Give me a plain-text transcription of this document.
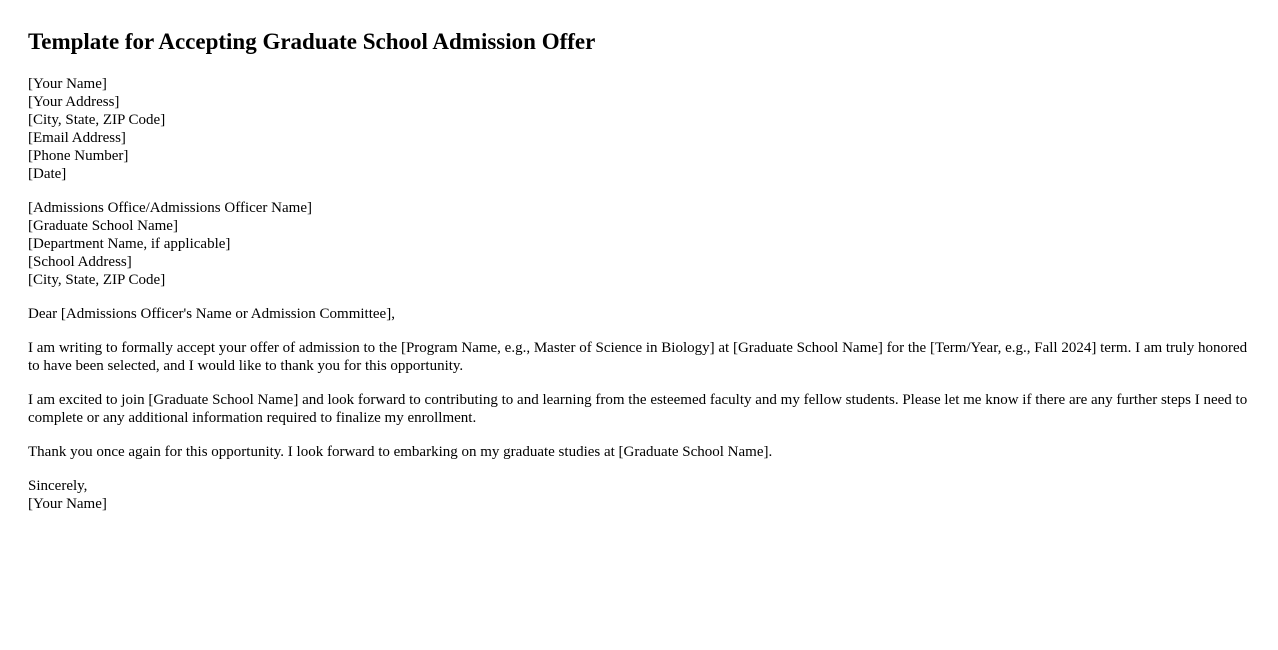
Template for Accepting Graduate School Admission Offer
[Your Name]
[Your Address]
[City, State, ZIP Code]
[Email Address]
[Phone Number]
[Date]
[Admissions Office/Admissions Officer Name]
[Graduate School Name]
[Department Name, if applicable]
[School Address]
[City, State, ZIP Code]

Dear [Admissions Officer's Name or Admission Committee],

I am writing to formally accept your offer of admission to the [Program Name, e.g., Master of Science in Biology] at [Graduate School Name] for the [Term/Year, e.g., Fall 2024] term. I am truly honored to have been selected, and I would like to thank you for this opportunity.

I am excited to join [Graduate School Name] and look forward to contributing to and learning from the esteemed faculty and my fellow students. Please let me know if there are any further steps I need to complete or any additional information required to finalize my enrollment.

Thank you once again for this opportunity. I look forward to embarking on my graduate studies at [Graduate School Name].

Sincerely,
[Your Name]
